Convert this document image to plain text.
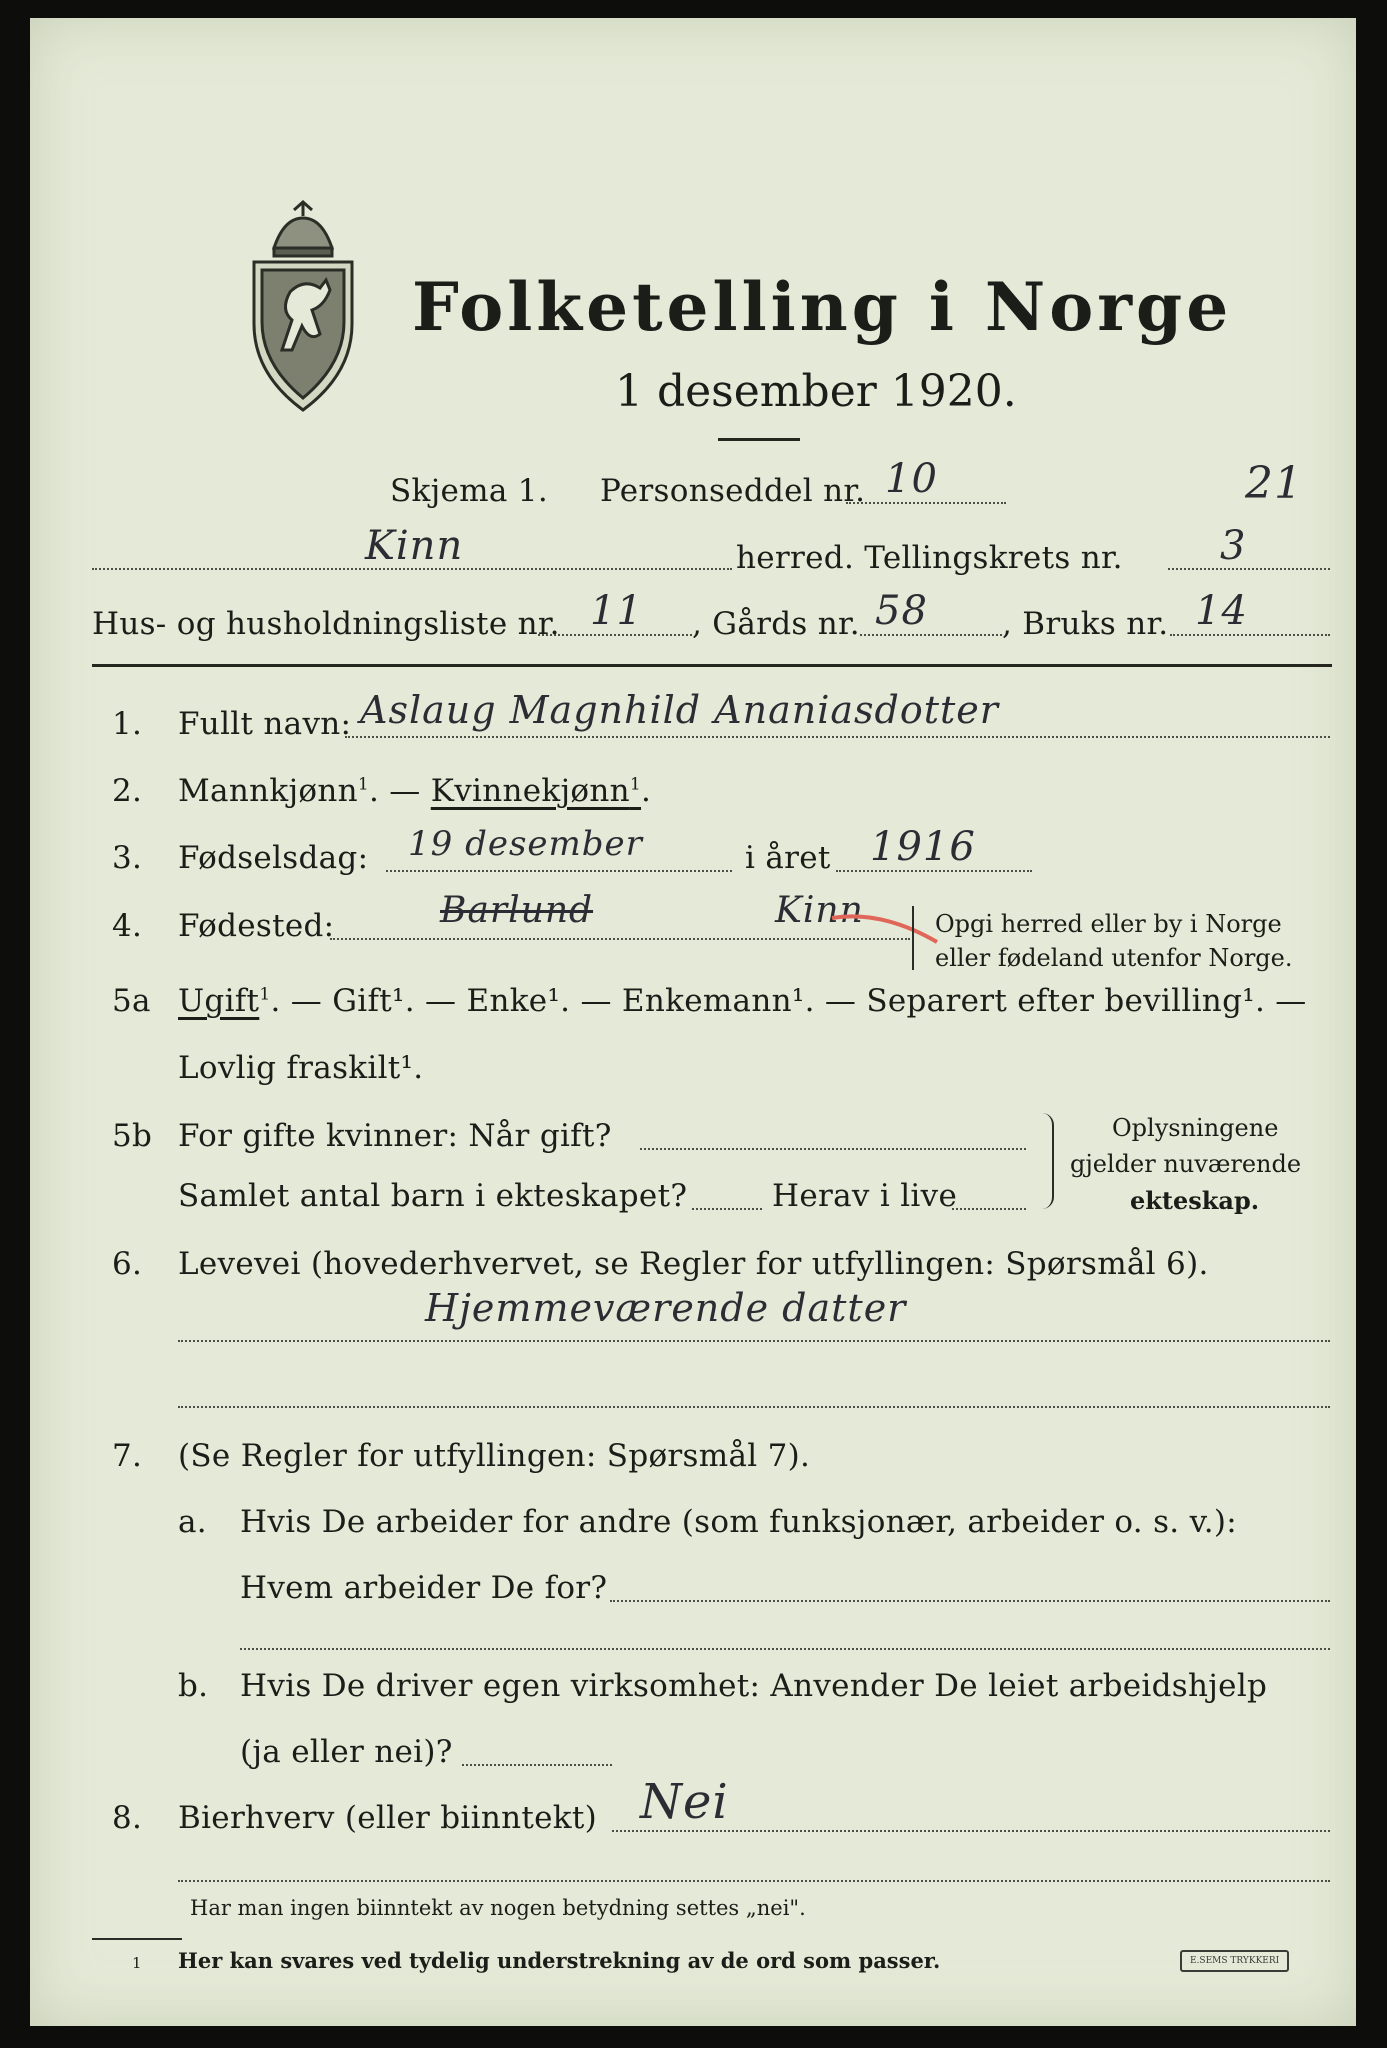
Folketelling i Norge
1 desember 1920.
Skjema 1. Personseddel nr. 10	21
Kinn	herred. Tellingskrets nr. 3
Hus- og husholdningsliste nr. 11 , Gårds nr. 58 , Bruks nr. 14
1. Fullt navn: Aslaug Magnhild Ananiasdotter
2. Mannkjønn$^1$. — Kvinnekjønn$^1$.
3. Fødselsdag: 19 desember	i året 1916
4. Fødested:	Barlund	Kinn	Opgi herred eller by i Norge
eller fødeland utenfor Norge.
5a Ugift$^1$. — Gift¹. — Enke¹. — Enkemann¹. — Separert efter bevilling¹. —
Lovlig fraskilt¹.
5b For gifte kvinner: Når gift?
Samlet antal barn i ekteskapet?	Herav i live
Oplysningene
gjelder nuværende
ekteskap.
6. Levevei (hovederhvervet, se Regler for utfyllingen: Spørsmål 6).
Hjemmeværende datter
7. (Se Regler for utfyllingen: Spørsmål 7).
a. Hvis De arbeider for andre (som funksjonær, arbeider o. s. v.):
Hvem arbeider De for?
b. Hvis De driver egen virksomhet: Anvender De leiet arbeidshjelp
(ja eller nei)?
8. Bierhverv (eller biinntekt) Nei
Har man ingen biinntekt av nogen betydning settes „nei".
1 Her kan svares ved tydelig understrekning av de ord som passer.	E.SEMS TRYKKERI
